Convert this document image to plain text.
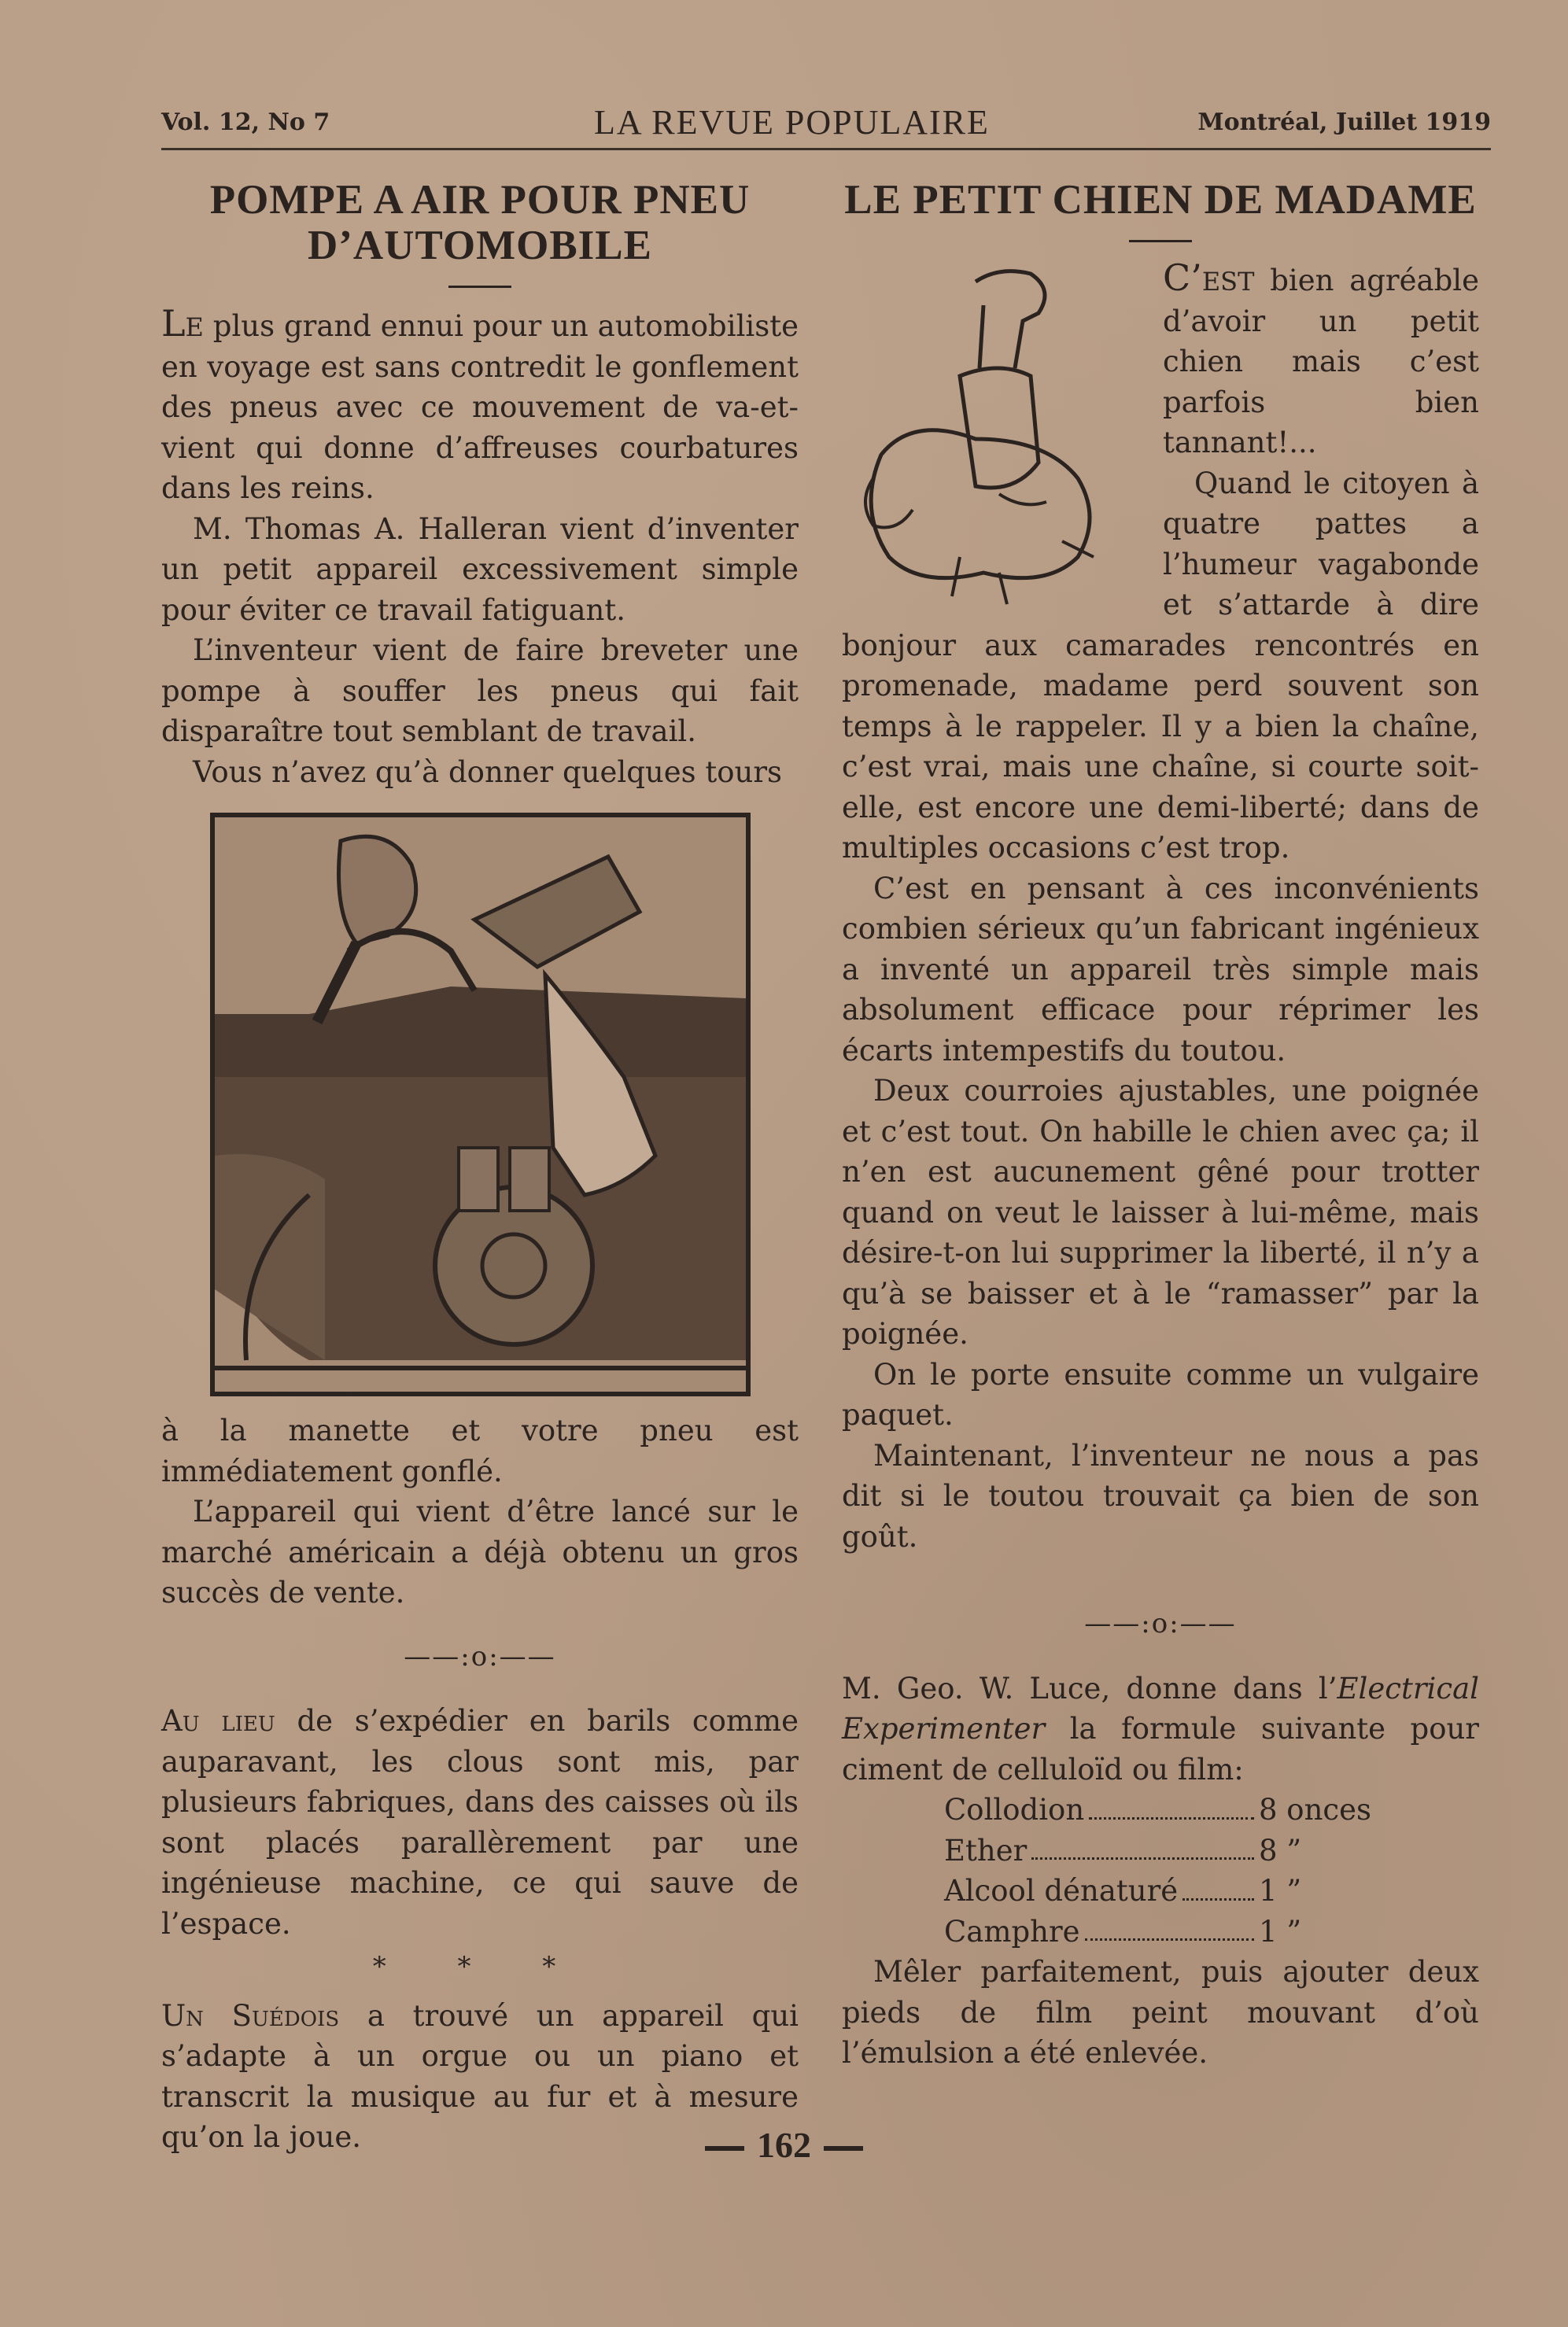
Vol. 12, No 7	LA REVUE POPULAIRE	Montréal, Juillet 1919
POMPE A AIR POUR PNEU D’AUTOMOBILE

Le plus grand ennui pour un automobiliste en voyage est sans contredit le gonflement des pneus avec ce mouvement de va-et-vient qui donne d’affreuses courbatures dans les reins.

M. Thomas A. Halleran vient d’inventer un petit appareil excessivement simple pour éviter ce travail fatiguant.

L’inventeur vient de faire breveter une pompe à souffer les pneus qui fait disparaître tout semblant de travail.

Vous n’avez qu’à donner quelques tours

à la manette et votre pneu est immédiatement gonflé.

L’appareil qui vient d’être lancé sur le marché américain a déjà obtenu un gros succès de vente.

——:o:——

Au lieu de s’expédier en barils comme auparavant, les clous sont mis, par plusieurs fabriques, dans des caisses où ils sont placés parallèrement par une ingénieuse machine, ce qui sauve de l’espace.

* * *

Un Suédois a trouvé un appareil qui s’adapte à un orgue ou un piano et transcrit la musique au fur et à mesure qu’on la joue.

LE PETIT CHIEN DE MADAME

C’est bien agréable d’avoir un petit chien mais c’est parfois bien tannant!...

Quand le citoyen à quatre pattes a l’humeur vagabonde et s’attarde à dire bonjour aux camarades rencontrés en promenade, madame perd souvent son temps à le rappeler. Il y a bien la chaîne, c’est vrai, mais une chaîne, si courte soit-elle, est encore une demi-liberté; dans de multiples occasions c’est trop.

C’est en pensant à ces inconvénients combien sérieux qu’un fabricant ingénieux a inventé un appareil très simple mais absolument efficace pour réprimer les écarts intempestifs du toutou.

Deux courroies ajustables, une poignée et c’est tout. On habille le chien avec ça; il n’en est aucunement gêné pour trotter quand on veut le laisser à lui-même, mais désire-t-on lui supprimer la liberté, il n’y a qu’à se baisser et à le “ramasser” par la poignée.

On le porte ensuite comme un vulgaire paquet.

Maintenant, l’inventeur ne nous a pas dit si le toutou trouvait ça bien de son goût.

——:o:——

M. Geo. W. Luce, donne dans l’Electrical Experimenter la formule suivante pour ciment de celluloïd ou film:

Collodion	8 onces
Ether	8 ”
Alcool dénaturé	1 ”
Camphre	1 ”

Mêler parfaitement, puis ajouter deux pieds de film peint mouvant d’où l’émulsion a été enlevée.

162
